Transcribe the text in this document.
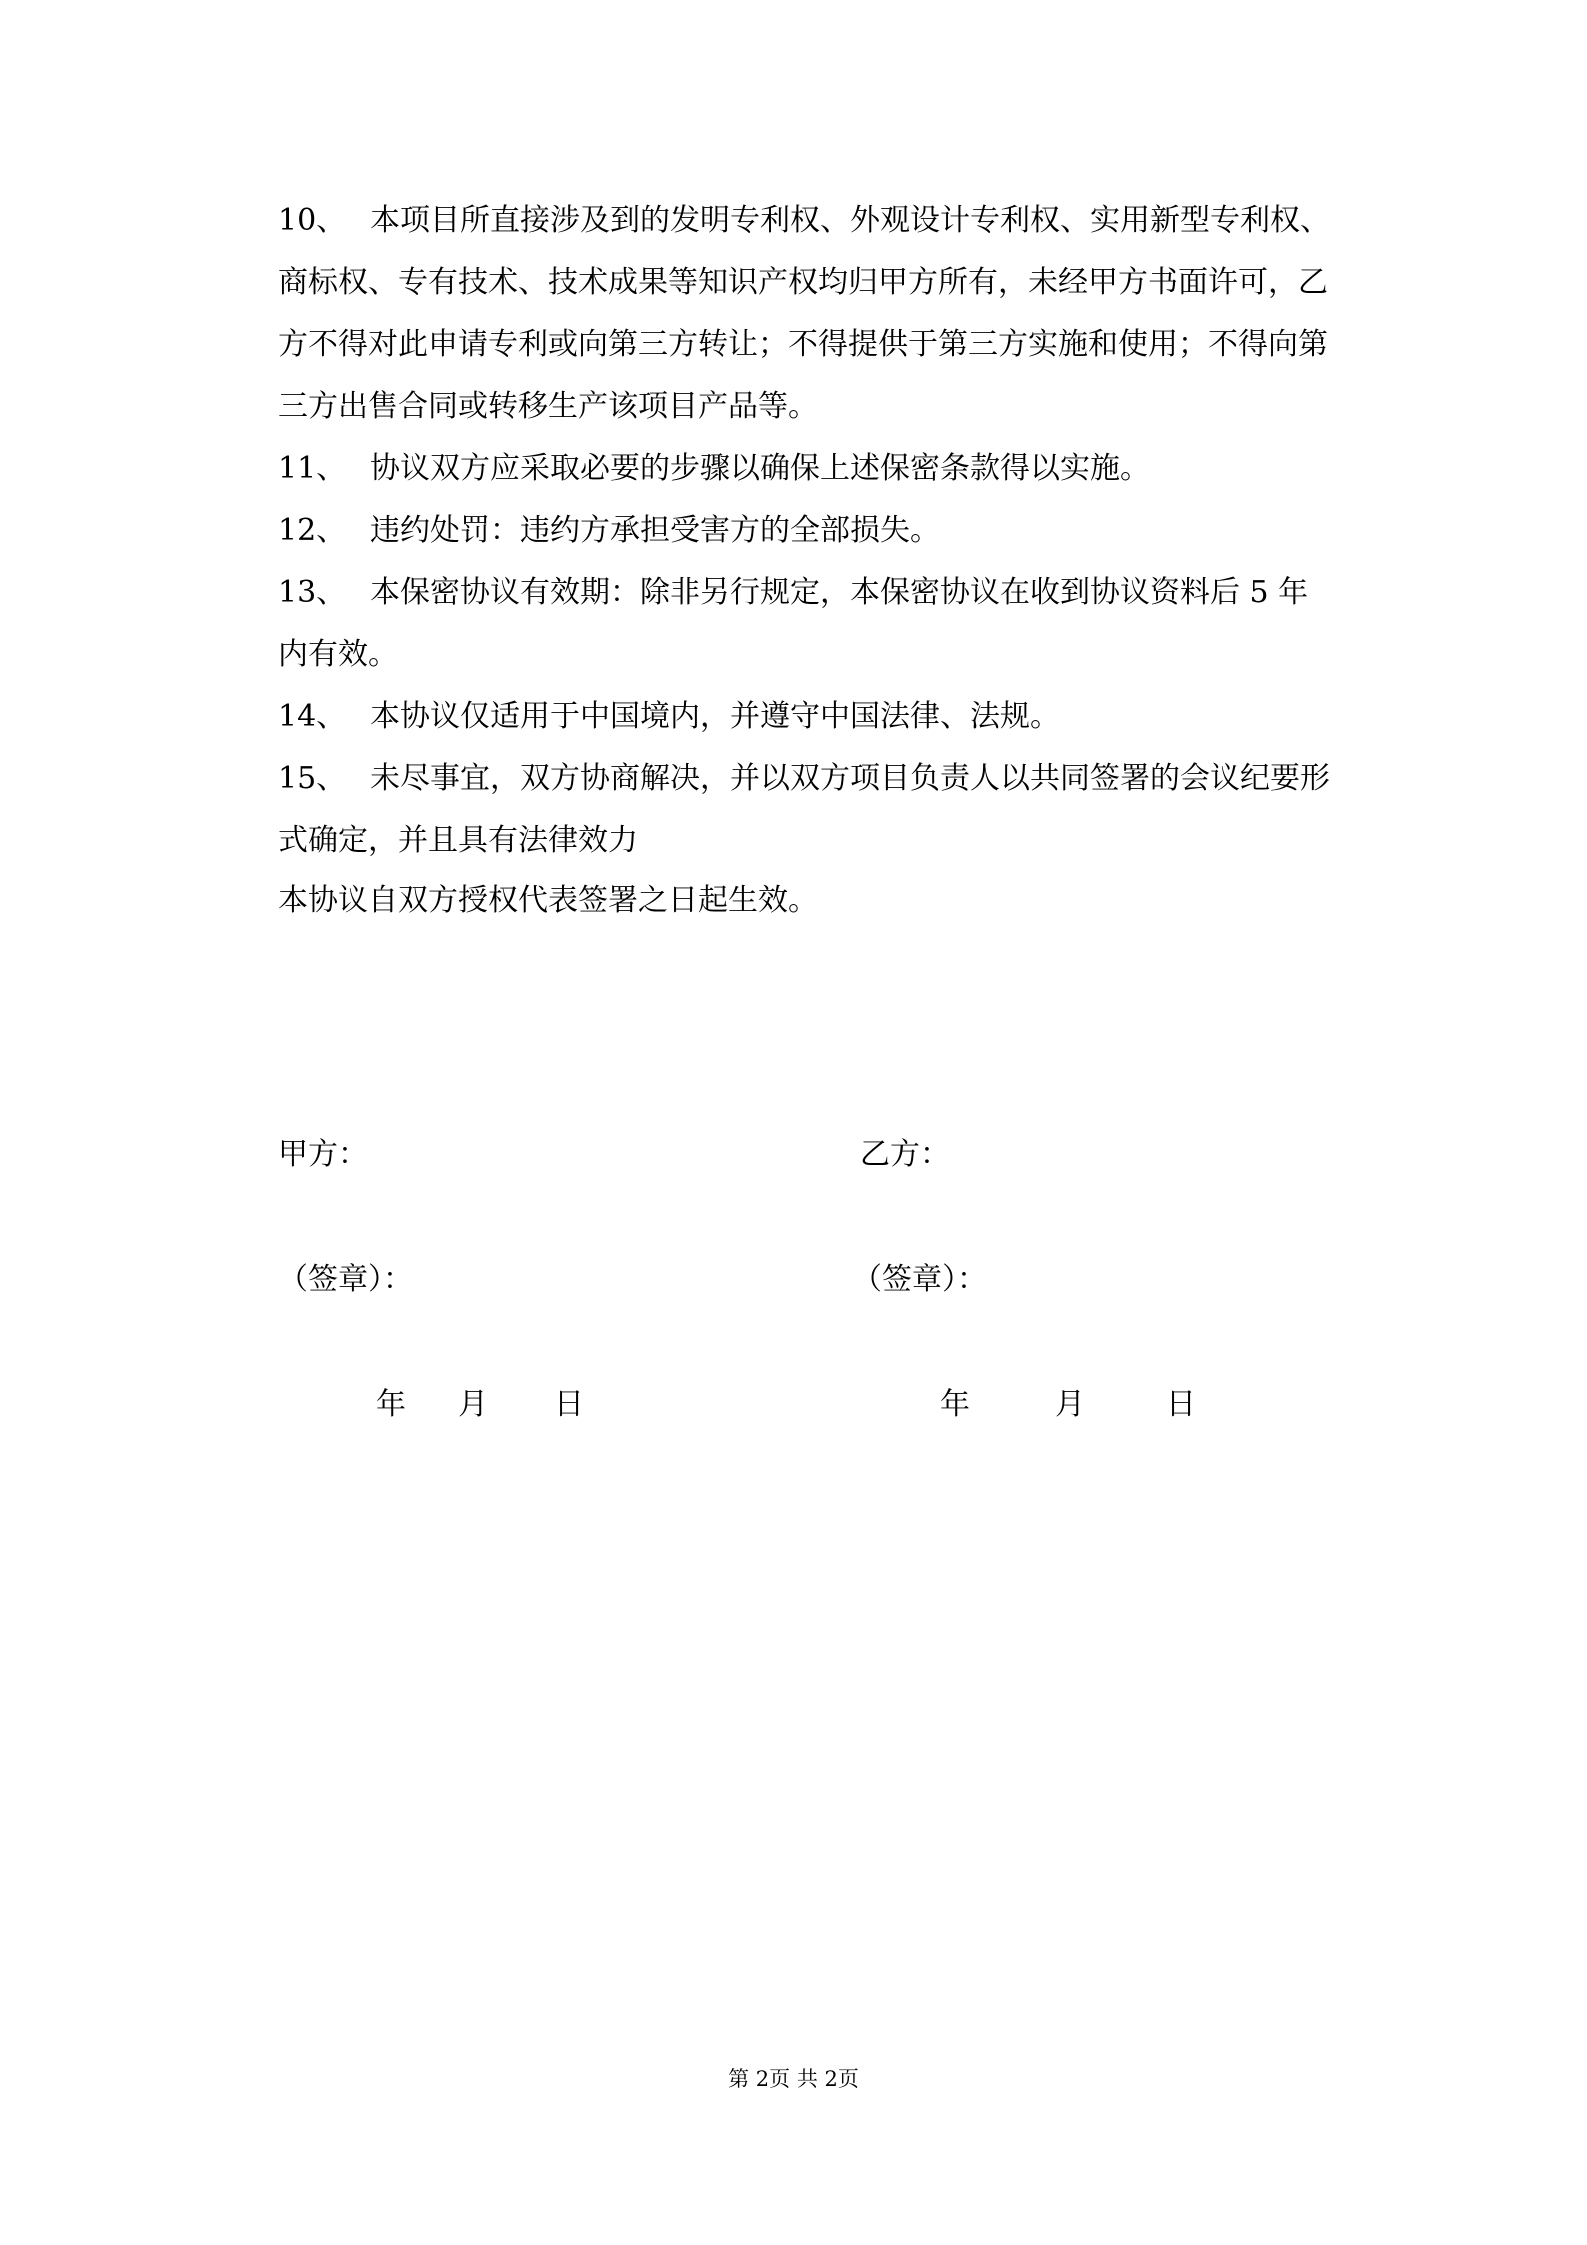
10、 本项目所直接涉及到的发明专利权、外观设计专利权、实用新型专利权、商标权、专有技术、技术成果等知识产权均归甲方所有，未经甲方书面许可，乙方不得对此申请专利或向第三方转让；不得提供于第三方实施和使用；不得向第三方出售合同或转移生产该项目产品等。

11、 协议双方应采取必要的步骤以确保上述保密条款得以实施。

12、 违约处罚：违约方承担受害方的全部损失。

13、 本保密协议有效期：除非另行规定，本保密协议在收到协议资料后 5 年内有效。

14、 本协议仅适用于中国境内，并遵守中国法律、法规。

15、 未尽事宜，双方协商解决，并以双方项目负责人以共同签署的会议纪要形式确定，并且具有法律效力

本协议自双方授权代表签署之日起生效。

甲方：	乙方：

（签章）：	（签章）：

年 月 日	年	月	日

第 2页 共 2页
